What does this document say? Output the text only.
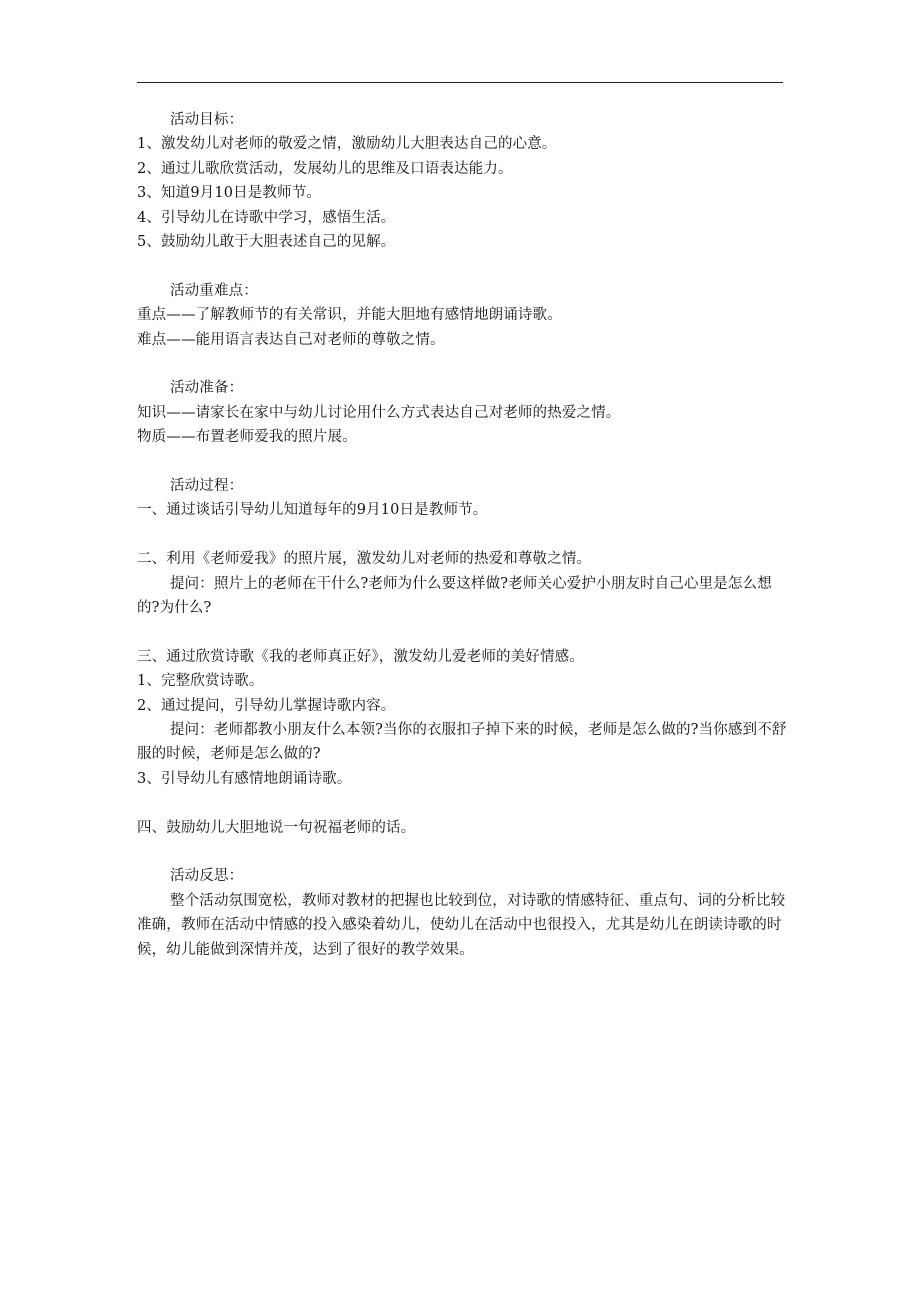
活动目标：

1、激发幼儿对老师的敬爱之情，激励幼儿大胆表达自己的心意。

2、通过儿歌欣赏活动，发展幼儿的思维及口语表达能力。

3、知道9月10日是教师节。

4、引导幼儿在诗歌中学习，感悟生活。

5、鼓励幼儿敢于大胆表述自己的见解。

活动重难点：

重点——了解教师节的有关常识，并能大胆地有感情地朗诵诗歌。

难点——能用语言表达自己对老师的尊敬之情。

活动准备：

知识——请家长在家中与幼儿讨论用什么方式表达自己对老师的热爱之情。

物质——布置老师爱我的照片展。

活动过程：

一、通过谈话引导幼儿知道每年的9月10日是教师节。

二、利用《老师爱我》的照片展，激发幼儿对老师的热爱和尊敬之情。

提问：照片上的老师在干什么?老师为什么要这样做?老师关心爱护小朋友时自己心里是怎么想的?为什么?

三、通过欣赏诗歌《我的老师真正好》，激发幼儿爱老师的美好情感。

1、完整欣赏诗歌。

2、通过提问，引导幼儿掌握诗歌内容。

提问：老师都教小朋友什么本领?当你的衣服扣子掉下来的时候，老师是怎么做的?当你感到不舒服的时候，老师是怎么做的?

3、引导幼儿有感情地朗诵诗歌。

四、鼓励幼儿大胆地说一句祝福老师的话。

活动反思：

整个活动氛围宽松，教师对教材的把握也比较到位，对诗歌的情感特征、重点句、词的分析比较准确，教师在活动中情感的投入感染着幼儿，使幼儿在活动中也很投入，尤其是幼儿在朗读诗歌的时候，幼儿能做到深情并茂，达到了很好的教学效果。
